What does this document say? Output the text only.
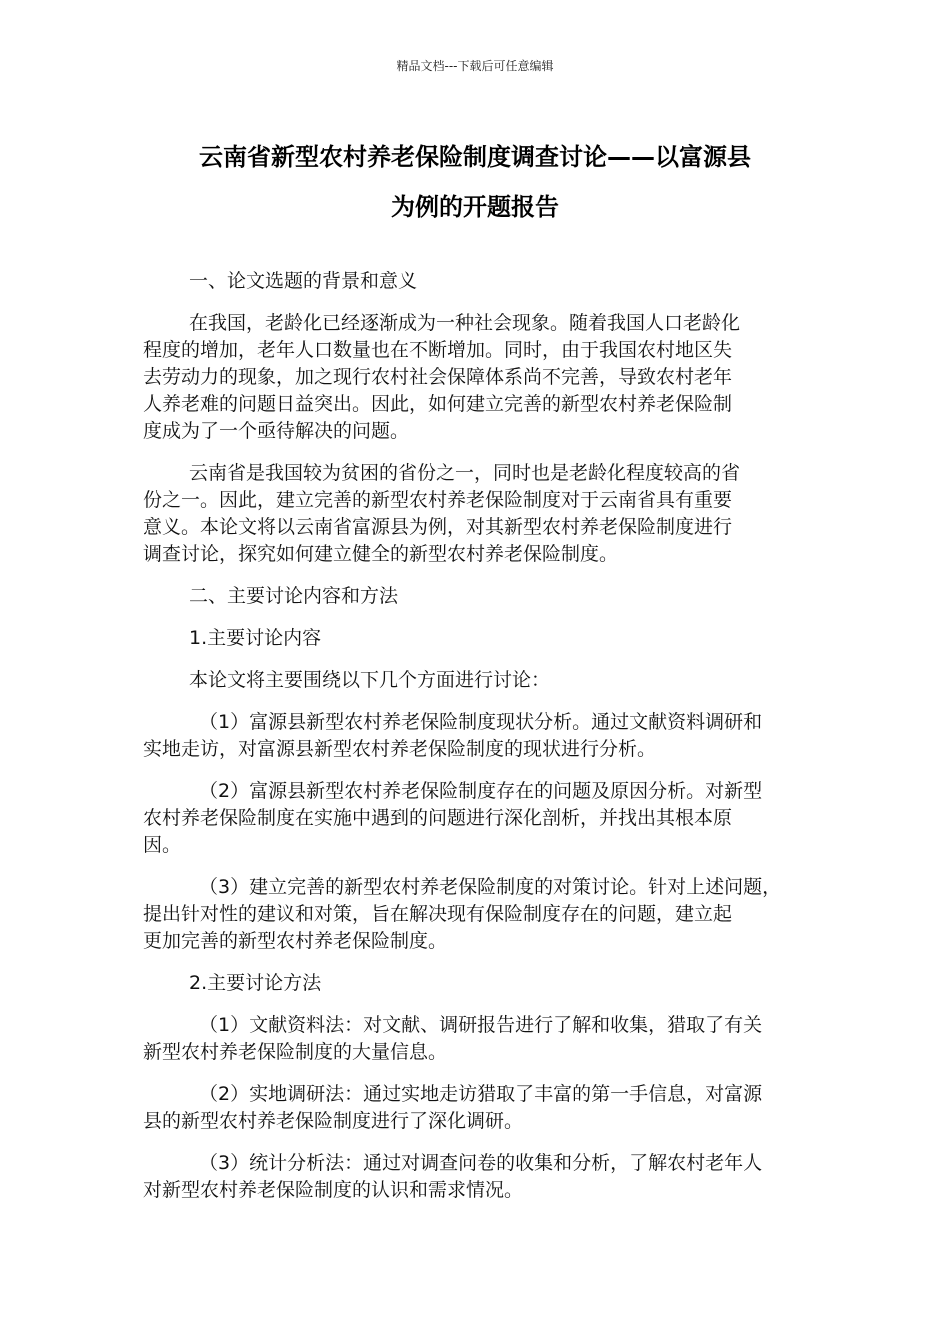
精品文档---下载后可任意编辑
云南省新型农村养老保险制度调查讨论——以富源县
为例的开题报告

一、论文选题的背景和意义

在我国，老龄化已经逐渐成为一种社会现象。随着我国人口老龄化
程度的增加，老年人口数量也在不断增加。同时，由于我国农村地区失
去劳动力的现象，加之现行农村社会保障体系尚不完善，导致农村老年
人养老难的问题日益突出。因此，如何建立完善的新型农村养老保险制
度成为了一个亟待解决的问题。

云南省是我国较为贫困的省份之一，同时也是老龄化程度较高的省
份之一。因此，建立完善的新型农村养老保险制度对于云南省具有重要
意义。本论文将以云南省富源县为例，对其新型农村养老保险制度进行
调查讨论，探究如何建立健全的新型农村养老保险制度。

二、主要讨论内容和方法

1.主要讨论内容

本论文将主要围绕以下几个方面进行讨论：

（1）富源县新型农村养老保险制度现状分析。通过文献资料调研和
实地走访，对富源县新型农村养老保险制度的现状进行分析。

（2）富源县新型农村养老保险制度存在的问题及原因分析。对新型
农村养老保险制度在实施中遇到的问题进行深化剖析，并找出其根本原
因。

（3）建立完善的新型农村养老保险制度的对策讨论。针对上述问题，
提出针对性的建议和对策，旨在解决现有保险制度存在的问题，建立起
更加完善的新型农村养老保险制度。

2.主要讨论方法

（1）文献资料法：对文献、调研报告进行了解和收集，猎取了有关
新型农村养老保险制度的大量信息。

（2）实地调研法：通过实地走访猎取了丰富的第一手信息，对富源
县的新型农村养老保险制度进行了深化调研。

（3）统计分析法：通过对调查问卷的收集和分析，了解农村老年人
对新型农村养老保险制度的认识和需求情况。
